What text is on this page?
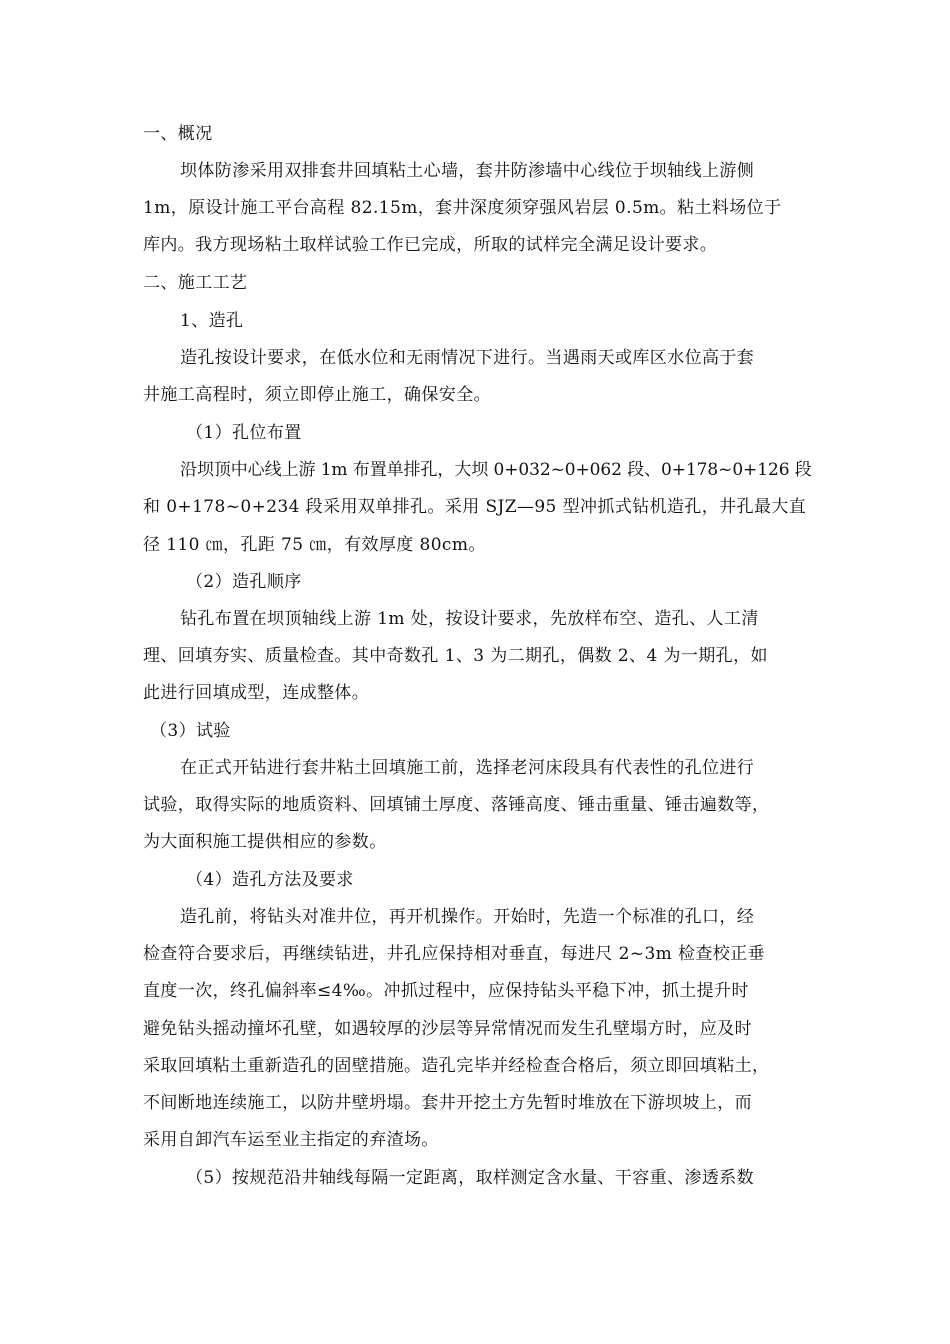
一、概况
坝体防渗采用双排套井回填粘土心墙，套井防渗墙中心线位于坝轴线上游侧
1m，原设计施工平台高程 82.15m，套井深度须穿强风岩层 0.5m。粘土料场位于
库内。我方现场粘土取样试验工作已完成，所取的试样完全满足设计要求。
二、施工工艺
1、造孔
造孔按设计要求，在低水位和无雨情况下进行。当遇雨天或库区水位高于套
井施工高程时，须立即停止施工，确保安全。
（1）孔位布置
沿坝顶中心线上游 1m 布置单排孔，大坝 0+032~0+062 段、0+178~0+126 段
和 0+178~0+234 段采用双单排孔。采用 SJZ—95 型冲抓式钻机造孔，井孔最大直
径 110 ㎝，孔距 75 ㎝，有效厚度 80cm。
（2）造孔顺序
钻孔布置在坝顶轴线上游 1m 处，按设计要求，先放样布空、造孔、人工清
理、回填夯实、质量检查。其中奇数孔 1、3 为二期孔，偶数 2、4 为一期孔，如
此进行回填成型，连成整体。
（3）试验
在正式开钻进行套井粘土回填施工前，选择老河床段具有代表性的孔位进行
试验，取得实际的地质资料、回填铺土厚度、落锤高度、锤击重量、锤击遍数等，
为大面积施工提供相应的参数。
（4）造孔方法及要求
造孔前，将钻头对准井位，再开机操作。开始时，先造一个标准的孔口，经
检查符合要求后，再继续钻进，井孔应保持相对垂直，每进尺 2~3m 检查校正垂
直度一次，终孔偏斜率≤4‰。冲抓过程中，应保持钻头平稳下冲，抓土提升时
避免钻头摇动撞坏孔壁，如遇较厚的沙层等异常情况而发生孔壁塌方时，应及时
采取回填粘土重新造孔的固壁措施。造孔完毕并经检查合格后，须立即回填粘土，
不间断地连续施工，以防井壁坍塌。套井开挖土方先暂时堆放在下游坝坡上，而
采用自卸汽车运至业主指定的弃渣场。
（5）按规范沿井轴线每隔一定距离，取样测定含水量、干容重、渗透系数
